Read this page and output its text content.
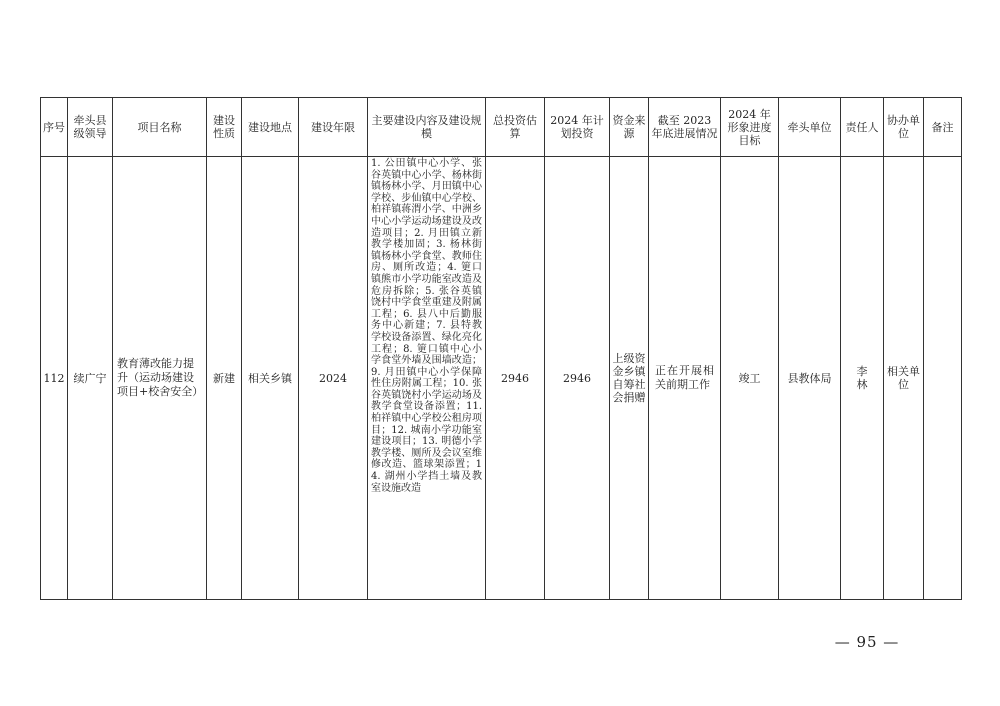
序号	牵头县级领导	项目名称	建设性质	建设地点	建设年限	主要建设内容及建设规模	总投资估算	2024 年计划投资	资金来源	截至 2023 年底进展情况	2024 年形象进度目标	牵头单位	责任人	协办单位	备注
112	续广宁	教育薄改能力提升（运动场建设项目+校舍安全）	新建	相关乡镇	2024	1. 公田镇中心小学、张谷英镇中心小学、杨林街镇杨林小学、月田镇中心学校、步仙镇中心学校、柏祥镇蒋渭小学、中洲乡中心小学运动场建设及改造项目；2. 月田镇立新教学楼加固；3. 杨林街镇杨林小学食堂、教师住房、厕所改造；4. 筻口镇熊市小学功能室改造及危房拆除；5. 张谷英镇饶村中学食堂重建及附属工程；6. 县八中后勤服务中心新建；7. 县特教学校设备添置、绿化亮化工程；8. 筻口镇中心小学食堂外墙及围墙改造；9. 月田镇中心小学保障性住房附属工程；10. 张谷英镇饶村小学运动场及教学食堂设备添置；11. 柏祥镇中心学校公租房项目；12. 城南小学功能室建设项目；13. 明德小学教学楼、厕所及会议室维修改造、篮球架添置；14. 湖州小学挡土墙及教室设施改造	2946	2946	上级资金乡镇自筹社会捐赠	正在开展相关前期工作	竣工	县教体局	李林	相关单位	
— 95 —
